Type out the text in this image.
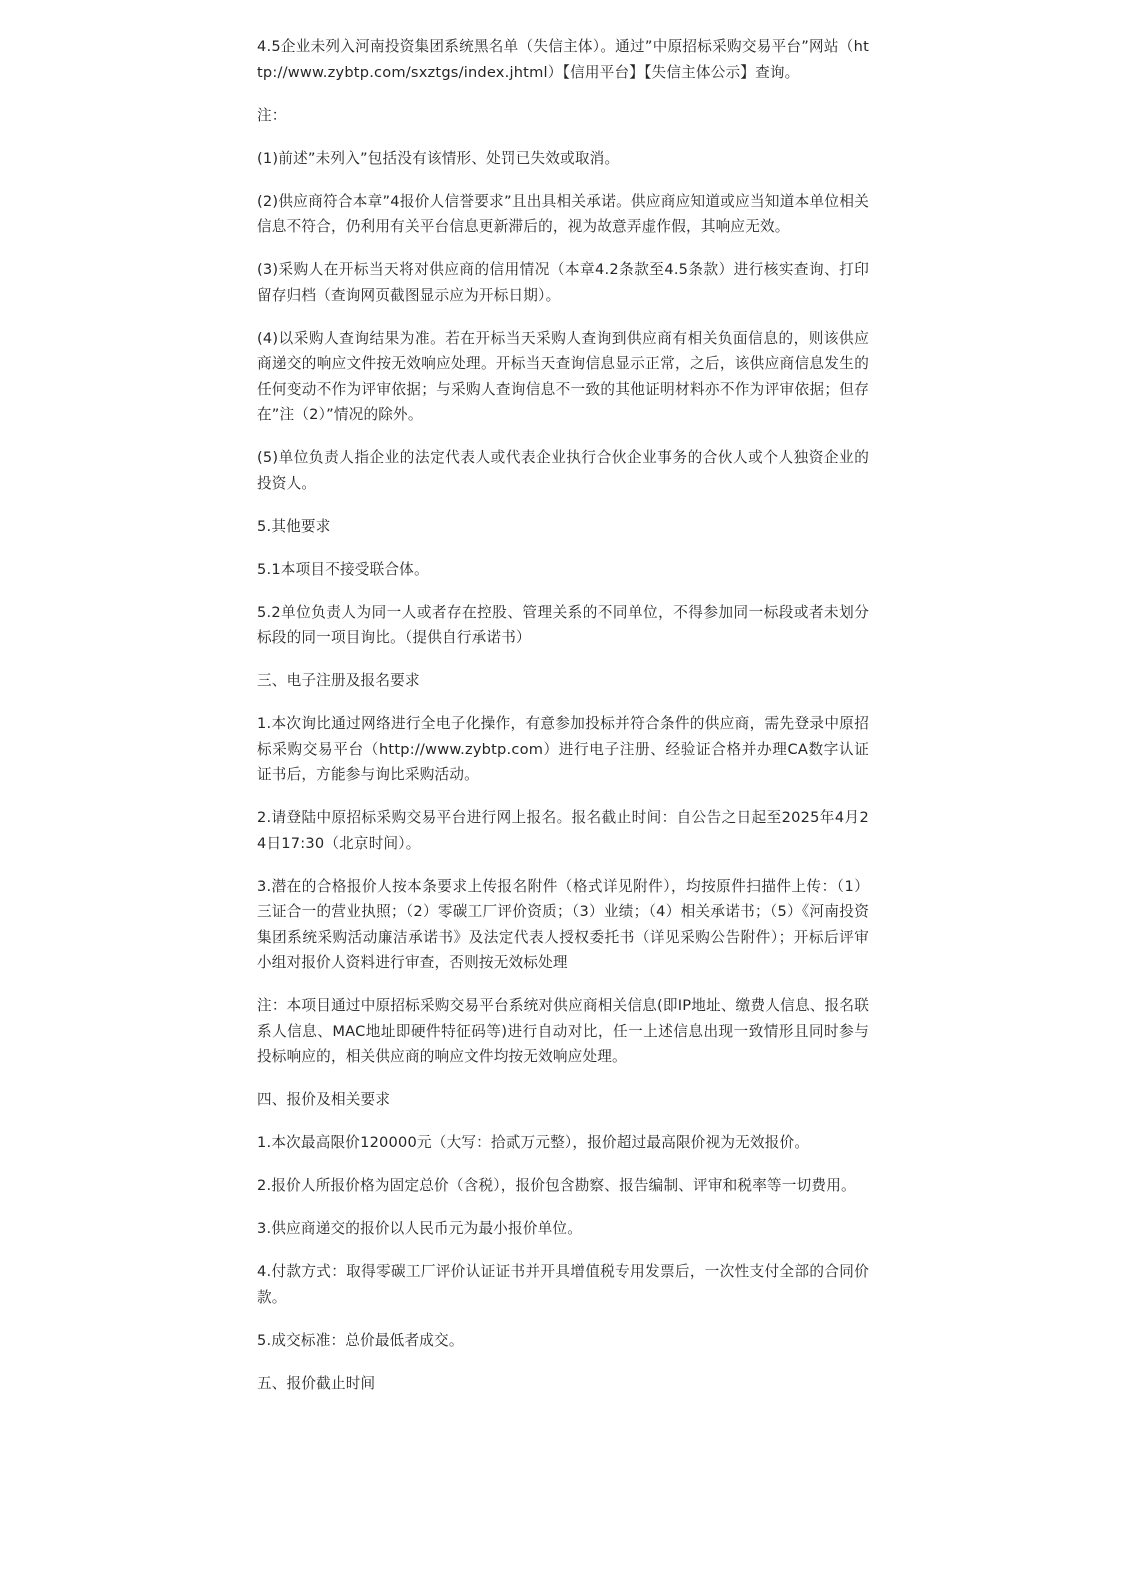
4.5企业未列入河南投资集团系统黑名单（失信主体）。通过”中原招标采购交易平台”网站（http://www.zybtp.com/sxztgs/index.jhtml）【信用平台】【失信主体公示】查询。

注：

(1)前述”未列入”包括没有该情形、处罚已失效或取消。

(2)供应商符合本章”4报价人信誉要求”且出具相关承诺。供应商应知道或应当知道本单位相关信息不符合，仍利用有关平台信息更新滞后的，视为故意弄虚作假，其响应无效。

(3)采购人在开标当天将对供应商的信用情况（本章4.2条款至4.5条款）进行核实查询、打印留存归档（查询网页截图显示应为开标日期）。

(4)以采购人查询结果为准。若在开标当天采购人查询到供应商有相关负面信息的，则该供应商递交的响应文件按无效响应处理。开标当天查询信息显示正常，之后，该供应商信息发生的任何变动不作为评审依据；与采购人查询信息不一致的其他证明材料亦不作为评审依据；但存在”注（2）”情况的除外。

(5)单位负责人指企业的法定代表人或代表企业执行合伙企业事务的合伙人或个人独资企业的投资人。

5.其他要求

5.1本项目不接受联合体。

5.2单位负责人为同一人或者存在控股、管理关系的不同单位，不得参加同一标段或者未划分标段的同一项目询比。（提供自行承诺书）

三、电子注册及报名要求

1.本次询比通过网络进行全电子化操作，有意参加投标并符合条件的供应商，需先登录中原招标采购交易平台（http://www.zybtp.com）进行电子注册、经验证合格并办理CA数字认证证书后，方能参与询比采购活动。

2.请登陆中原招标采购交易平台进行网上报名。报名截止时间：自公告之日起至2025年4月24日17:30（北京时间）。

3.潜在的合格报价人按本条要求上传报名附件（格式详见附件），均按原件扫描件上传：（1）三证合一的营业执照；（2）零碳工厂评价资质；（3）业绩；（4）相关承诺书；（5）《河南投资集团系统采购活动廉洁承诺书》及法定代表人授权委托书（详见采购公告附件）；开标后评审小组对报价人资料进行审查，否则按无效标处理

注：本项目通过中原招标采购交易平台系统对供应商相关信息(即IP地址、缴费人信息、报名联系人信息、MAC地址即硬件特征码等)进行自动对比，任一上述信息出现一致情形且同时参与投标响应的，相关供应商的响应文件均按无效响应处理。

四、报价及相关要求

1.本次最高限价120000元（大写：拾贰万元整），报价超过最高限价视为无效报价。

2.报价人所报价格为固定总价（含税），报价包含勘察、报告编制、评审和税率等一切费用。

3.供应商递交的报价以人民币元为最小报价单位。

4.付款方式：取得零碳工厂评价认证证书并开具增值税专用发票后，一次性支付全部的合同价款。

5.成交标准：总价最低者成交。

五、报价截止时间
